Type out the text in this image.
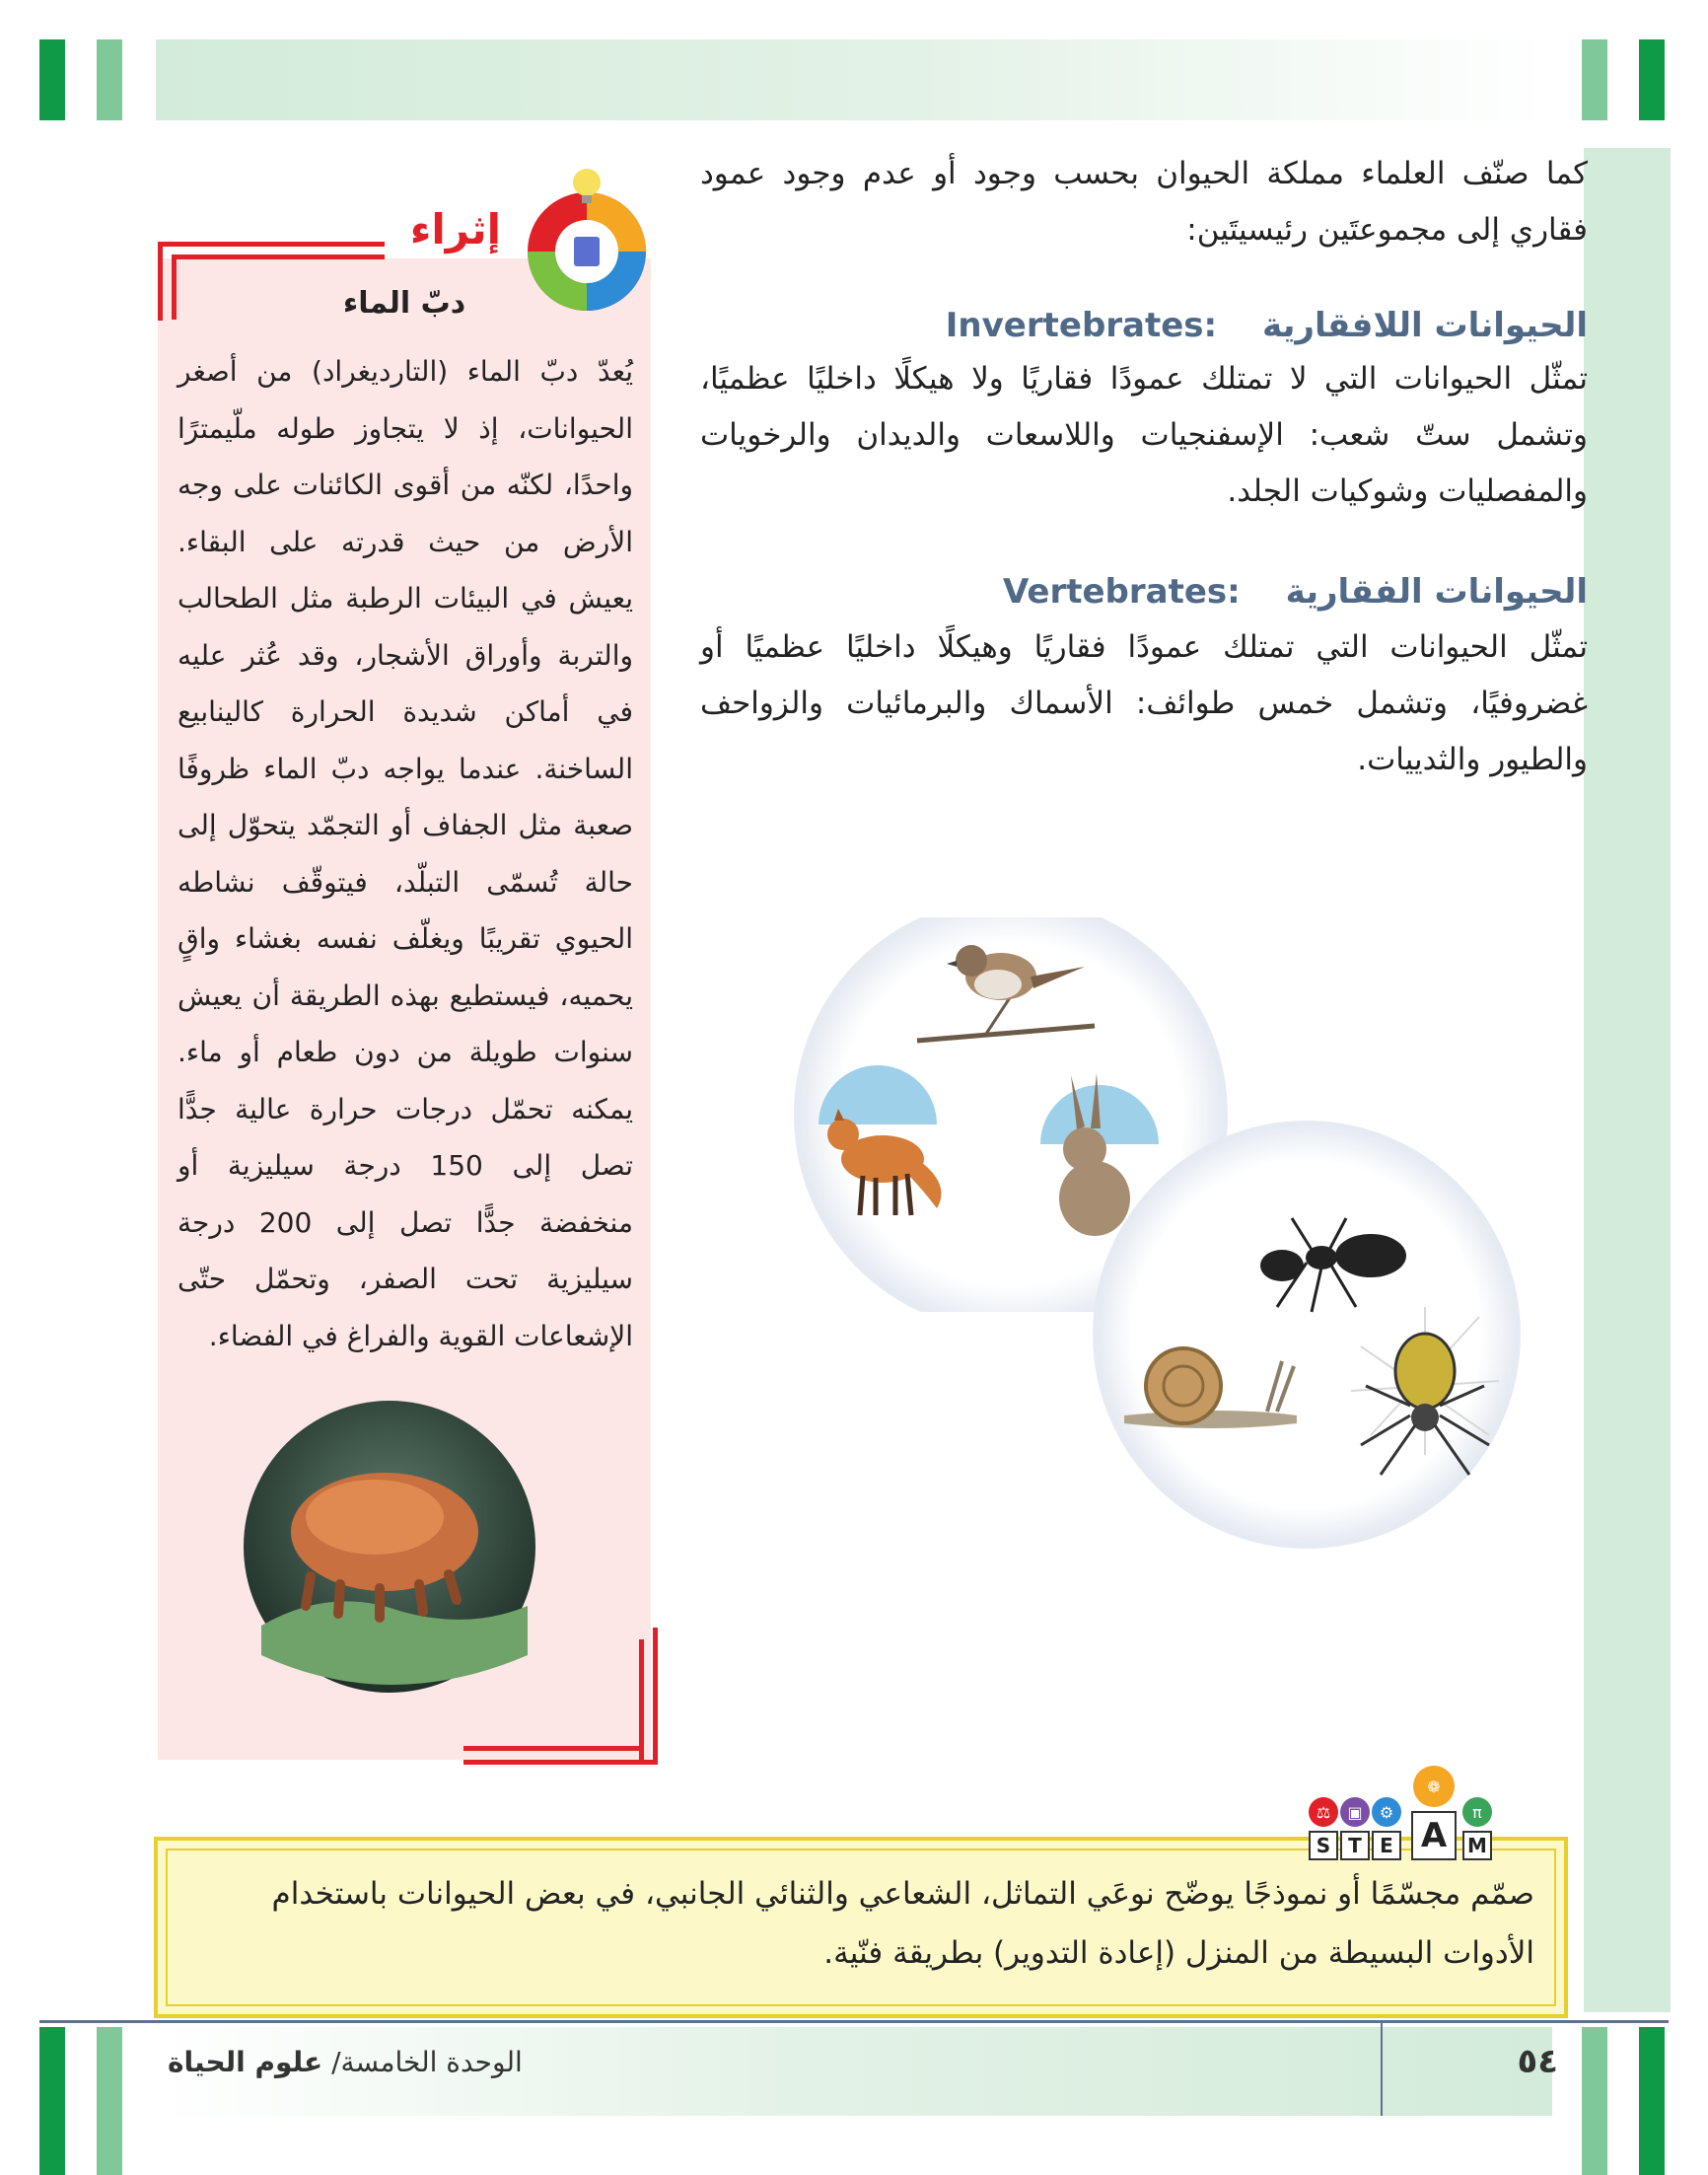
كما صنّف العلماء مملكة الحيوان بحسب وجود أو عدم وجود عمود فقاري إلى مجموعتَين رئيسيتَين:

الحيوانات اللافقارية Invertebrates:

تمثّل الحيوانات التي لا تمتلك عمودًا فقاريًا ولا هيكلًا داخليًا عظميًا، وتشمل ستّ شعب: الإسفنجيات واللاسعات والديدان والرخويات والمفصليات وشوكيات الجلد.

الحيوانات الفقارية Vertebrates:

تمثّل الحيوانات التي تمتلك عمودًا فقاريًا وهيكلًا داخليًا عظميًا أو غضروفيًا، وتشمل خمس طوائف: الأسماك والبرمائيات والزواحف والطيور والثدييات.

إثراء
دبّ الماء
يُعدّ دبّ الماء (التارديغراد) من أصغر الحيوانات، إذ لا يتجاوز طوله ملّيمترًا واحدًا، لكنّه من أقوى الكائنات على وجه الأرض من حيث قدرته على البقاء. يعيش في البيئات الرطبة مثل الطحالب والتربة وأوراق الأشجار، وقد عُثر عليه في أماكن شديدة الحرارة كالينابيع الساخنة. عندما يواجه دبّ الماء ظروفًا صعبة مثل الجفاف أو التجمّد يتحوّل إلى حالة تُسمّى التبلّد، فيتوقّف نشاطه الحيوي تقريبًا ويغلّف نفسه بغشاء واقٍ يحميه، فيستطيع بهذه الطريقة أن يعيش سنوات طويلة من دون طعام أو ماء. يمكنه تحمّل درجات حرارة عالية جدًّا تصل إلى 150 درجة سيليزية أو منخفضة جدًّا تصل إلى 200 درجة سيليزية تحت الصفر، وتحمّل حتّى الإشعاعات القوية والفراغ في الفضاء.
صمّم مجسّمًا أو نموذجًا يوضّح نوعَي التماثل، الشعاعي والثنائي الجانبي، في بعض الحيوانات باستخدام الأدوات البسيطة من المنزل (إعادة التدوير) بطريقة فنّية.
⚖	▣	⚙
❁
π
S T E A	M
الوحدة الخامسة/ علوم الحياة	٥٤
